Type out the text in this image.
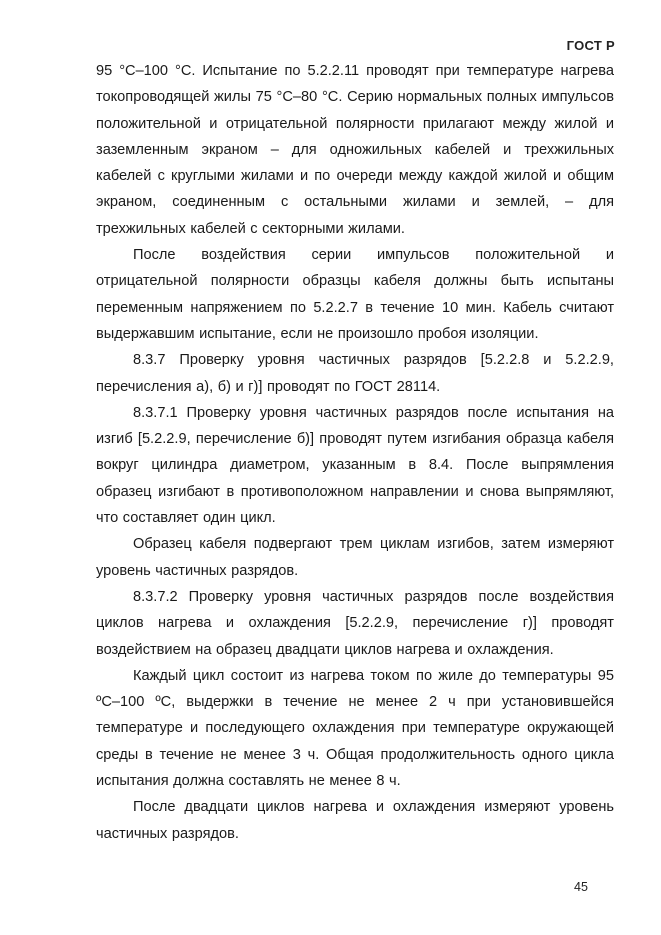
ГОСТ Р

95 °С–100 °С. Испытание по 5.2.2.11 проводят при температуре нагрева токопроводящей жилы 75 °С–80 °С. Серию нормальных полных импульсов положительной и отрицательной полярности прилагают между жилой и заземленным экраном – для одножильных кабелей и трехжильных кабелей с круглыми жилами и по очереди между каждой жилой и общим экраном, соединенным с остальными жилами и землей, – для трехжильных кабелей с секторными жилами.

После воздействия серии импульсов положительной и отрицательной полярности образцы кабеля должны быть испытаны переменным напряжением по 5.2.2.7 в течение 10 мин. Кабель считают выдержавшим испытание, если не произошло пробоя изоляции.

8.3.7 Проверку уровня частичных разрядов [5.2.2.8 и 5.2.2.9, перечисления а), б) и г)] проводят по ГОСТ 28114.

8.3.7.1 Проверку уровня частичных разрядов после испытания на изгиб [5.2.2.9, перечисление б)] проводят путем изгибания образца кабеля вокруг цилиндра диаметром, указанным в 8.4. После выпрямления образец изгибают в противоположном направлении и снова выпрямляют, что составляет один цикл.

Образец кабеля подвергают трем циклам изгибов, затем измеряют уровень частичных разрядов.

8.3.7.2 Проверку уровня частичных разрядов после воздействия циклов нагрева и охлаждения [5.2.2.9, перечисление г)] проводят воздействием на образец двадцати циклов нагрева и охлаждения.

Каждый цикл состоит из нагрева током по жиле до температуры 95 ºС–100 ºС, выдержки в течение не менее 2 ч при установившейся температуре и последующего охлаждения при температуре окружающей среды в течение не менее 3 ч. Общая продолжительность одного цикла испытания должна составлять не менее 8 ч.

После двадцати циклов нагрева и охлаждения измеряют уровень частичных разрядов.

45
